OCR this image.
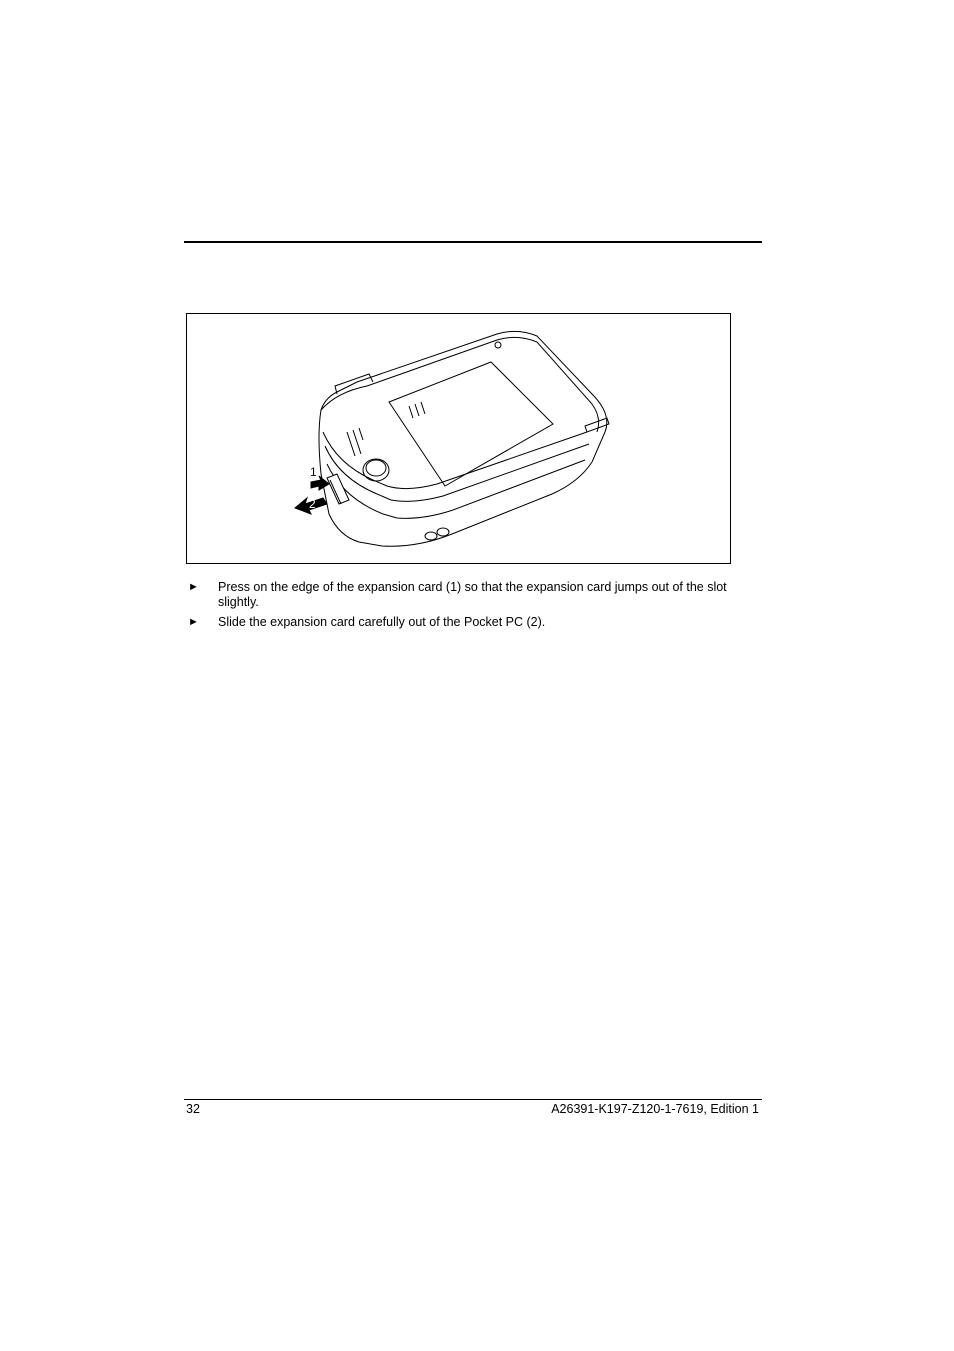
1
2
► Press on the edge of the expansion card (1) so that the expansion card jumps out of the slot slightly.
► Slide the expansion card carefully out of the Pocket PC (2).
32	A26391-K197-Z120-1-7619, Edition 1
